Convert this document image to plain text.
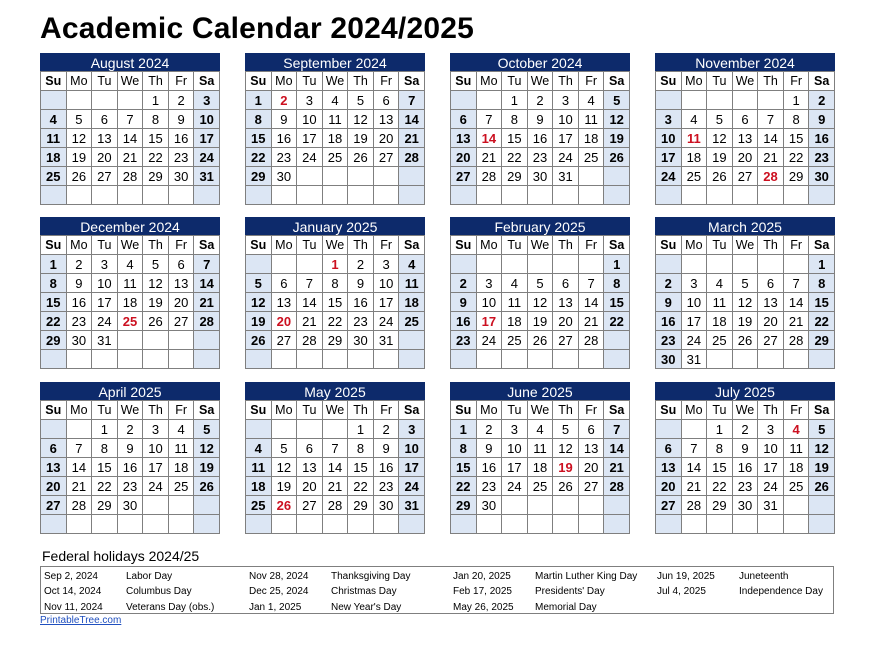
Academic Calendar 2024/2025
August 2024
Su	Mo	Tu	We	Th	Fr	Sa
				1	2	3
4	5	6	7	8	9	10
11	12	13	14	15	16	17
18	19	20	21	22	23	24
25	26	27	28	29	30	31

September 2024
Su	Mo	Tu	We	Th	Fr	Sa
1	2	3	4	5	6	7
8	9	10	11	12	13	14
15	16	17	18	19	20	21
22	23	24	25	26	27	28
29	30					

October 2024
Su	Mo	Tu	We	Th	Fr	Sa
		1	2	3	4	5
6	7	8	9	10	11	12
13	14	15	16	17	18	19
20	21	22	23	24	25	26
27	28	29	30	31		

November 2024
Su	Mo	Tu	We	Th	Fr	Sa
					1	2
3	4	5	6	7	8	9
10	11	12	13	14	15	16
17	18	19	20	21	22	23
24	25	26	27	28	29	30

December 2024
Su	Mo	Tu	We	Th	Fr	Sa
1	2	3	4	5	6	7
8	9	10	11	12	13	14
15	16	17	18	19	20	21
22	23	24	25	26	27	28
29	30	31				

January 2025
Su	Mo	Tu	We	Th	Fr	Sa
			1	2	3	4
5	6	7	8	9	10	11
12	13	14	15	16	17	18
19	20	21	22	23	24	25
26	27	28	29	30	31	

February 2025
Su	Mo	Tu	We	Th	Fr	Sa
						1
2	3	4	5	6	7	8
9	10	11	12	13	14	15
16	17	18	19	20	21	22
23	24	25	26	27	28	

March 2025
Su	Mo	Tu	We	Th	Fr	Sa
						1
2	3	4	5	6	7	8
9	10	11	12	13	14	15
16	17	18	19	20	21	22
23	24	25	26	27	28	29
30	31					
April 2025
Su	Mo	Tu	We	Th	Fr	Sa
		1	2	3	4	5
6	7	8	9	10	11	12
13	14	15	16	17	18	19
20	21	22	23	24	25	26
27	28	29	30			

May 2025
Su	Mo	Tu	We	Th	Fr	Sa
				1	2	3
4	5	6	7	8	9	10
11	12	13	14	15	16	17
18	19	20	21	22	23	24
25	26	27	28	29	30	31

June 2025
Su	Mo	Tu	We	Th	Fr	Sa
1	2	3	4	5	6	7
8	9	10	11	12	13	14
15	16	17	18	19	20	21
22	23	24	25	26	27	28
29	30					

July 2025
Su	Mo	Tu	We	Th	Fr	Sa
		1	2	3	4	5
6	7	8	9	10	11	12
13	14	15	16	17	18	19
20	21	22	23	24	25	26
27	28	29	30	31		

Federal holidays 2024/25
Sep 2, 2024	Labor Day
Oct 14, 2024 Columbus Day
Nov 11, 2024 Veterans Day (obs.)
Nov 28, 2024 Thanksgiving Day
Dec 25, 2024 Christmas Day
Jan 1, 2025	New Year's Day
Jan 20, 2025 Martin Luther King Day
Feb 17, 2025 Presidents' Day
May 26, 2025 Memorial Day
Jun 19, 2025 Juneteenth
Jul 4, 2025	Independence Day
PrintableTree.com
